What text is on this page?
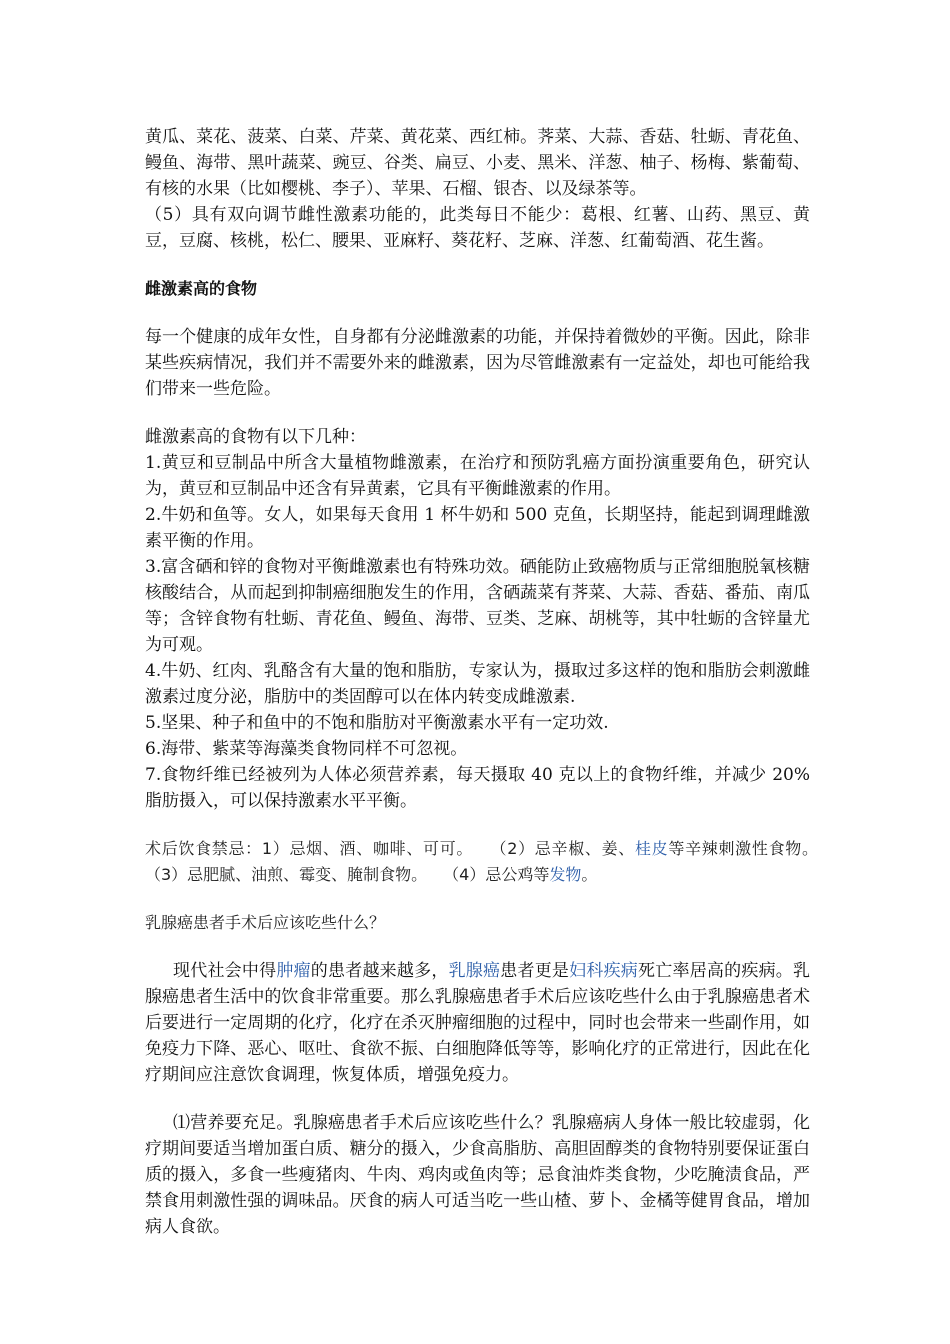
黄瓜、菜花、菠菜、白菜、芹菜、黄花菜、西红柿。荠菜、大蒜、香菇、牡蛎、青花鱼、鳗鱼、海带、黑叶蔬菜、豌豆、谷类、扁豆、小麦、黑米、洋葱、柚子、杨梅、紫葡萄、有核的水果（比如樱桃、李子）、苹果、石榴、银杏、以及绿茶等。

（5）具有双向调节雌性激素功能的，此类每日不能少：葛根、红薯、山药、黑豆、黄豆，豆腐、核桃，松仁、腰果、亚麻籽、葵花籽、芝麻、洋葱、红葡萄酒、花生酱。

雌激素高的食物

每一个健康的成年女性，自身都有分泌雌激素的功能，并保持着微妙的平衡。因此，除非某些疾病情况，我们并不需要外来的雌激素，因为尽管雌激素有一定益处，却也可能给我们带来一些危险。

雌激素高的食物有以下几种：

1.黄豆和豆制品中所含大量植物雌激素，在治疗和预防乳癌方面扮演重要角色，研究认为，黄豆和豆制品中还含有异黄素，它具有平衡雌激素的作用。

2.牛奶和鱼等。女人，如果每天食用 1 杯牛奶和 500 克鱼，长期坚持，能起到调理雌激素平衡的作用。

3.富含硒和锌的食物对平衡雌激素也有特殊功效。硒能防止致癌物质与正常细胞脱氧核糖核酸结合，从而起到抑制癌细胞发生的作用，含硒蔬菜有荠菜、大蒜、香菇、番茄、南瓜等；含锌食物有牡蛎、青花鱼、鳗鱼、海带、豆类、芝麻、胡桃等，其中牡蛎的含锌量尤为可观。

4.牛奶、红肉、乳酪含有大量的饱和脂肪，专家认为，摄取过多这样的饱和脂肪会刺激雌激素过度分泌，脂肪中的类固醇可以在体内转变成雌激素.

5.坚果、种子和鱼中的不饱和脂肪对平衡激素水平有一定功效.

6.海带、紫菜等海藻类食物同样不可忽视。

7.食物纤维已经被列为人体必须营养素，每天摄取 40 克以上的食物纤维，并减少 20%脂肪摄入，可以保持激素水平平衡。

术后饮食禁忌：1）忌烟、酒、咖啡、可可。　　（2）忌辛椒、姜、桂皮等辛辣刺激性食物。　　（3）忌肥腻、油煎、霉变、腌制食物。　　（4）忌公鸡等发物。

乳腺癌患者手术后应该吃些什么？

现代社会中得肿瘤的患者越来越多，乳腺癌患者更是妇科疾病死亡率居高的疾病。乳腺癌患者生活中的饮食非常重要。那么乳腺癌患者手术后应该吃些什么由于乳腺癌患者术后要进行一定周期的化疗，化疗在杀灭肿瘤细胞的过程中，同时也会带来一些副作用，如免疫力下降、恶心、呕吐、食欲不振、白细胞降低等等，影响化疗的正常进行，因此在化疗期间应注意饮食调理，恢复体质，增强免疫力。

⑴营养要充足。乳腺癌患者手术后应该吃些什么？乳腺癌病人身体一般比较虚弱，化疗期间要适当增加蛋白质、糖分的摄入，少食高脂肪、高胆固醇类的食物特别要保证蛋白质的摄入，多食一些瘦猪肉、牛肉、鸡肉或鱼肉等；忌食油炸类食物，少吃腌渍食品，严禁食用刺激性强的调味品。厌食的病人可适当吃一些山楂、萝卜、金橘等健胃食品，增加病人食欲。
